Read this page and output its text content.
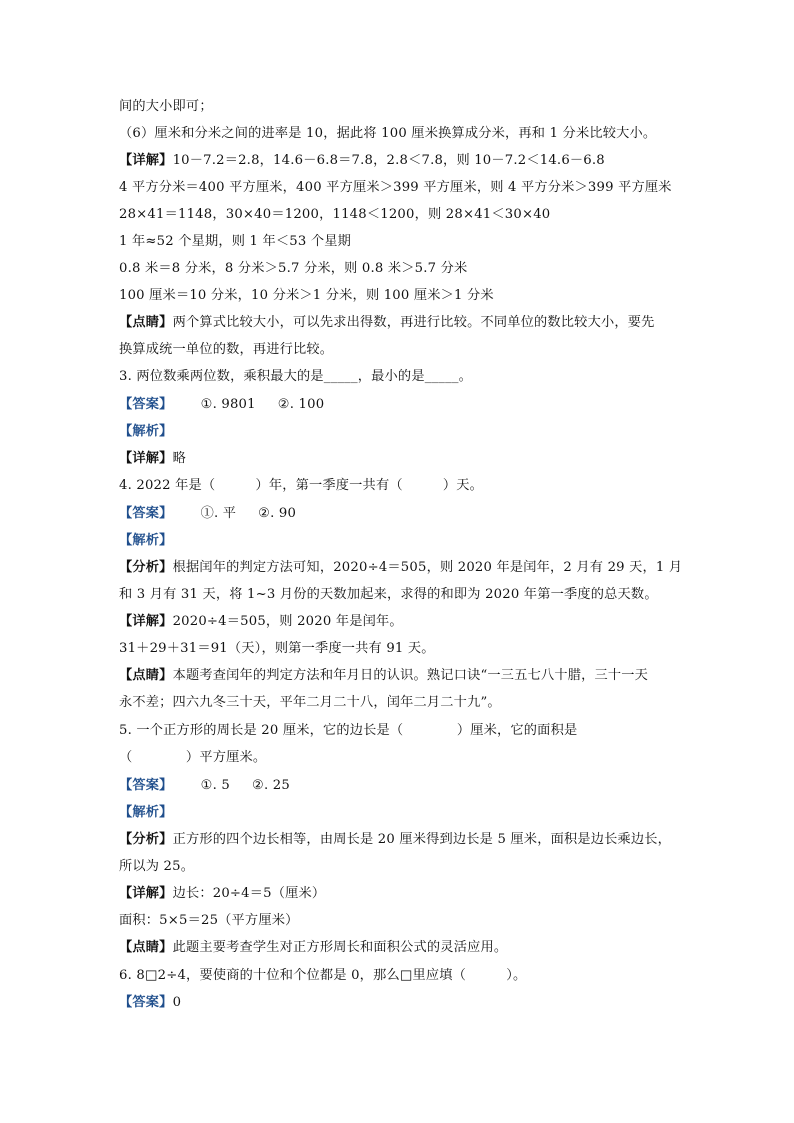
间的大小即可；
（6）厘米和分米之间的进率是 10，据此将 100 厘米换算成分米，再和 1 分米比较大小。
【详解】10－7.2＝2.8，14.6－6.8＝7.8，2.8＜7.8，则 10－7.2＜14.6－6.8
4 平方分米＝400 平方厘米，400 平方厘米＞399 平方厘米，则 4 平方分米＞399 平方厘米
28×41＝1148，30×40＝1200，1148＜1200，则 28×41＜30×40
1 年≈52 个星期，则 1 年＜53 个星期
0.8 米＝8 分米，8 分米＞5.7 分米，则 0.8 米＞5.7 分米
100 厘米＝10 分米，10 分米＞1 分米，则 100 厘米＞1 分米
【点睛】两个算式比较大小，可以先求出得数，再进行比较。不同单位的数比较大小，要先
换算成统一单位的数，再进行比较。
3. 两位数乘两位数，乘积最大的是_____，最小的是_____。
【答案】 ①. 9801 ②. 100
【解析】
【详解】略
4. 2022 年是（　　　）年，第一季度一共有（　　　）天。
【答案】 ①. 平 ②. 90
【解析】
【分析】根据闰年的判定方法可知，2020÷4＝505，则 2020 年是闰年，2 月有 29 天，1 月
和 3 月有 31 天，将 1~3 月份的天数加起来，求得的和即为 2020 年第一季度的总天数。
【详解】2020÷4＝505，则 2020 年是闰年。
31＋29＋31＝91（天），则第一季度一共有 91 天。
【点睛】本题考查闰年的判定方法和年月日的认识。熟记口诀“一三五七八十腊，三十一天
永不差；四六九冬三十天，平年二月二十八，闰年二月二十九”。
5. 一个正方形的周长是 20 厘米，它的边长是（　　　　）厘米，它的面积是
（　　　　）平方厘米。
【答案】 ①. 5 ②. 25
【解析】
【分析】正方形的四个边长相等，由周长是 20 厘米得到边长是 5 厘米，面积是边长乘边长，
所以为 25。
【详解】边长：20÷4＝5（厘米）
面积：5×5＝25（平方厘米）
【点睛】此题主要考查学生对正方形周长和面积公式的灵活应用。
6. 8□2÷4，要使商的十位和个位都是 0，那么□里应填（　　　）。
【答案】0
